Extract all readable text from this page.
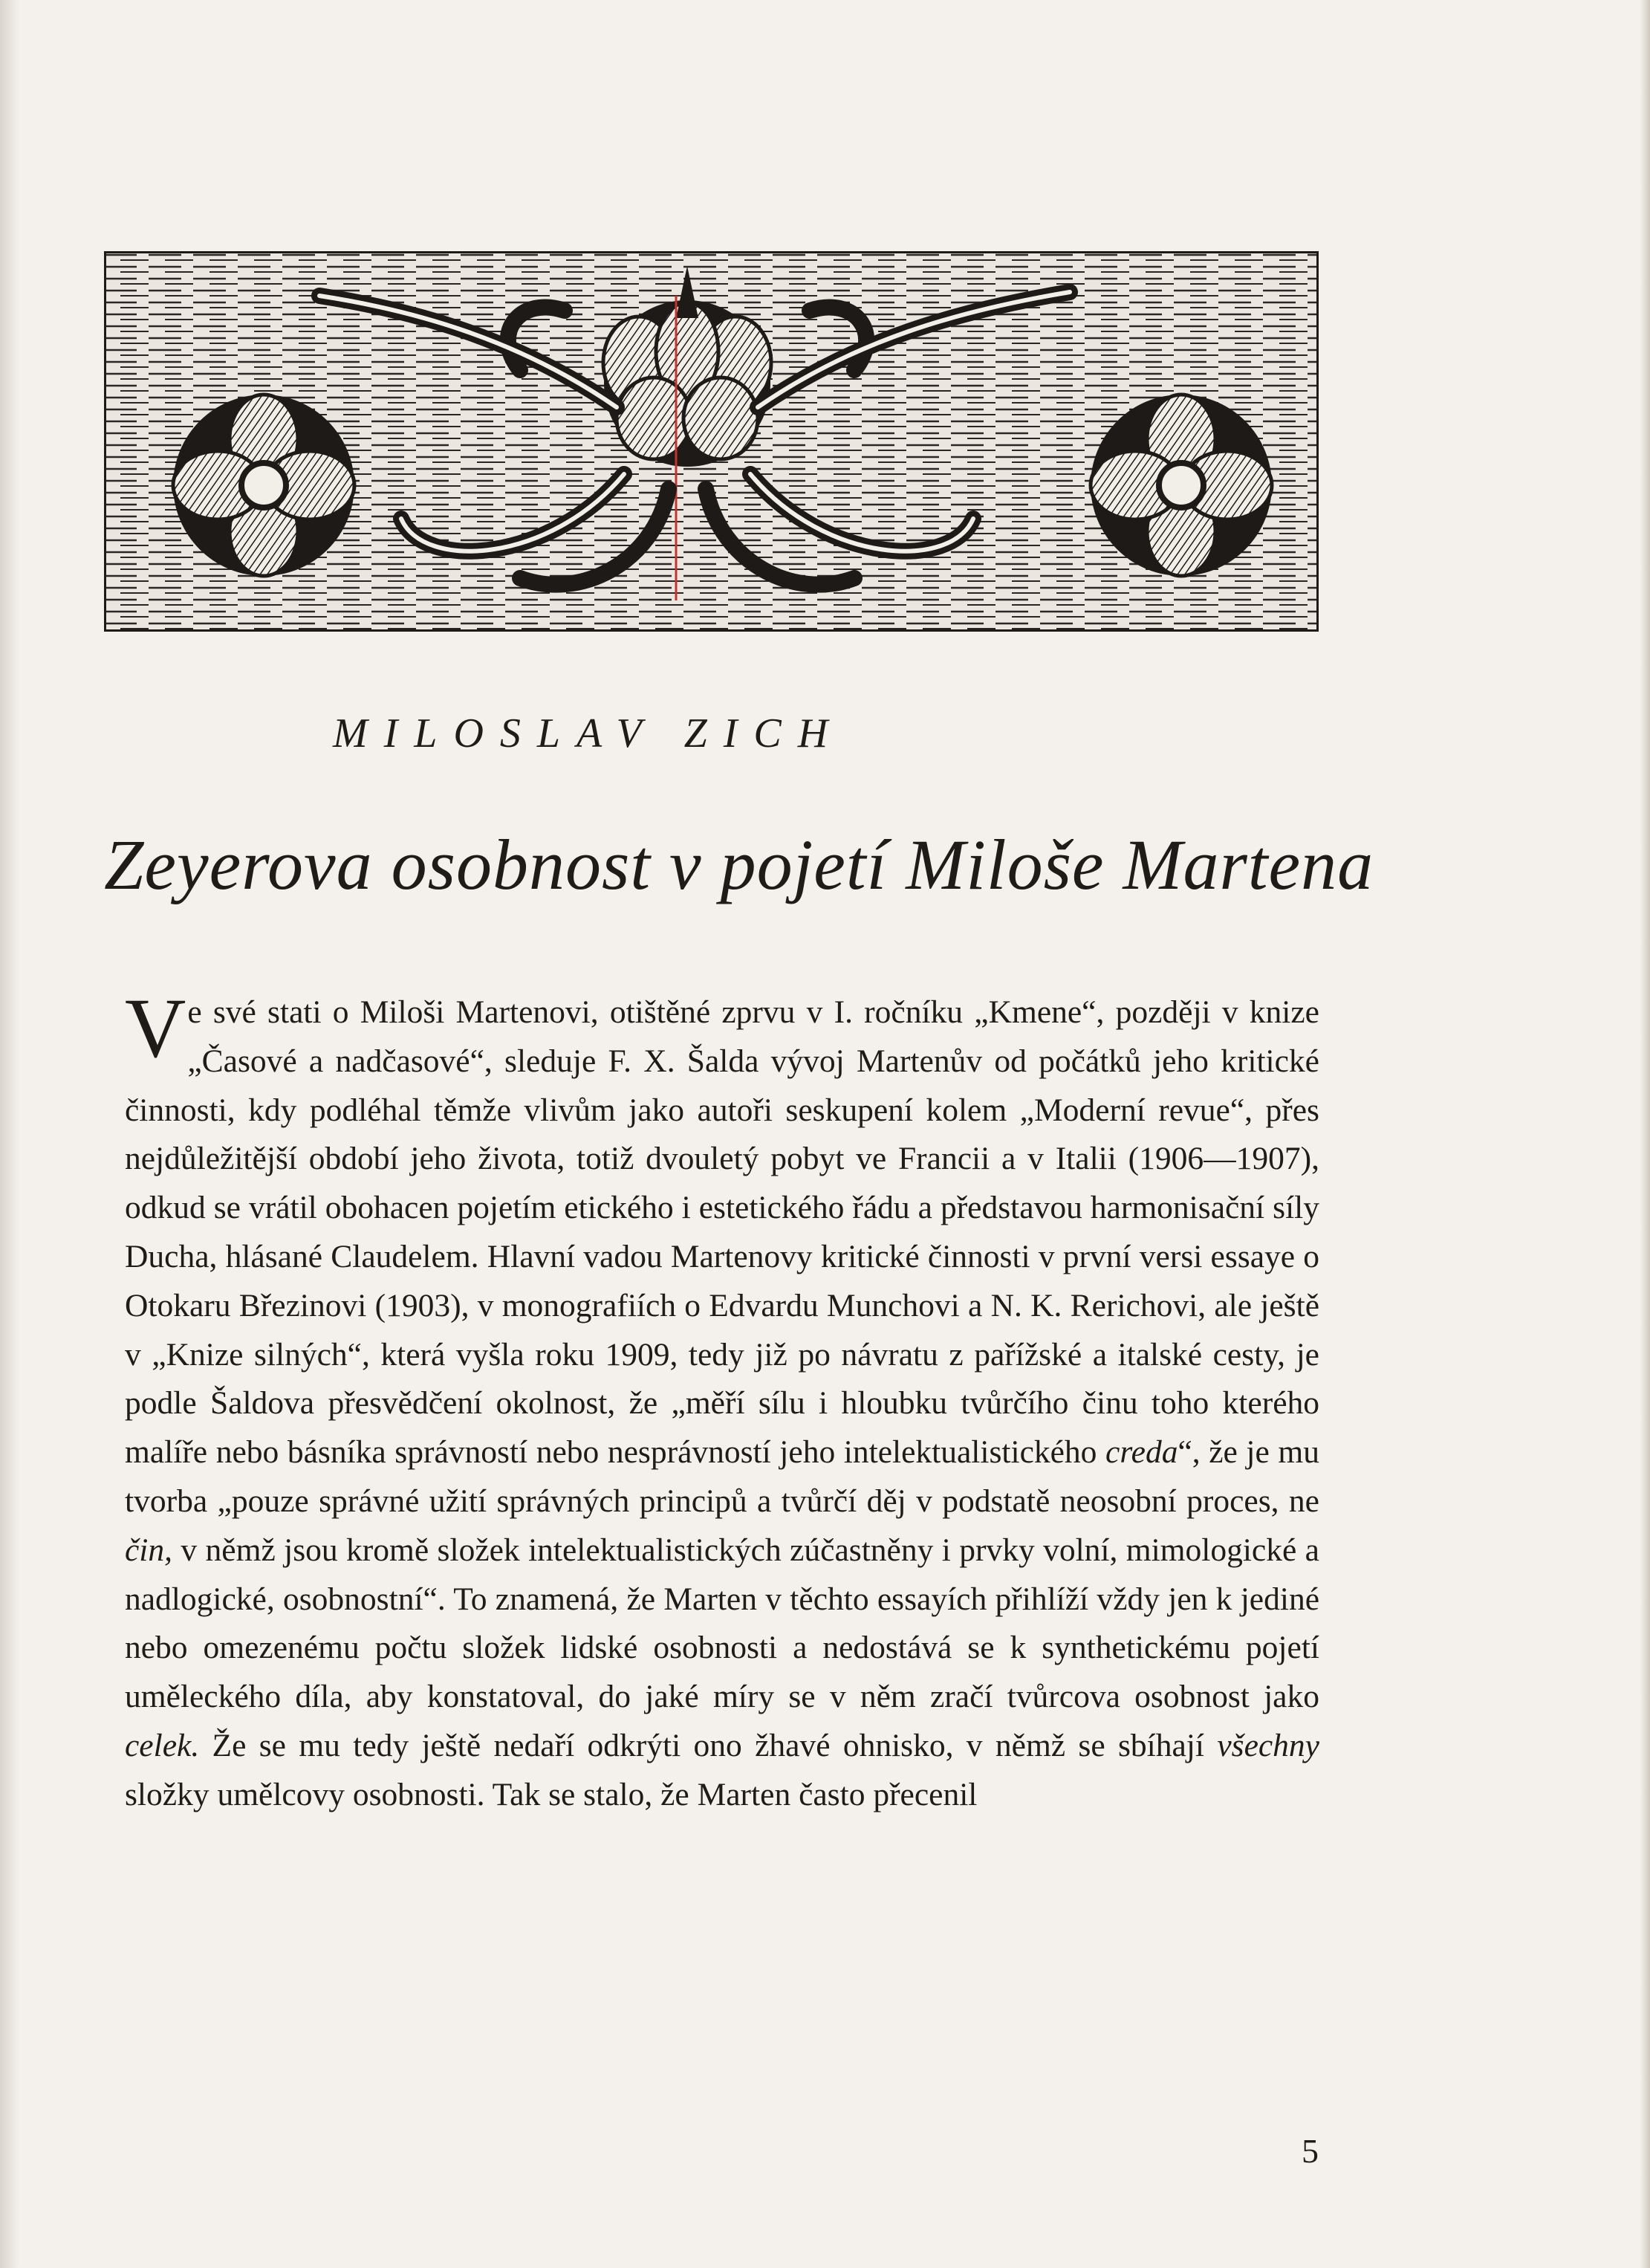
MILOSLAV ZICH

Zeyerova osobnost v pojetí Miloše Martena

Ve své stati o Miloši Martenovi, otištěné zprvu v I. ročníku „Kmene“, později v knize „Časové a nadčasové“, sleduje F. X. Šalda vývoj Martenův od počátků jeho kritické činnosti, kdy podléhal těmže vlivům jako autoři seskupení kolem „Moderní revue“, přes nejdůležitější období jeho života, totiž dvouletý pobyt ve Francii a v Italii (1906—1907), odkud se vrátil obohacen pojetím etického i estetického řádu a představou harmonisační síly Ducha, hlásané Claudelem. Hlavní vadou Martenovy kritické činnosti v první versi essaye o Otokaru Březinovi (1903), v monografiích o Edvardu Munchovi a N. K. Rerichovi, ale ještě v „Knize silných“, která vyšla roku 1909, tedy již po návratu z pařížské a italské cesty, je podle Šaldova přesvědčení okolnost, že „měří sílu i hloubku tvůrčího činu toho kterého malíře nebo básníka správností nebo nesprávností jeho intelektualistického creda“, že je mu tvorba „pouze správné užití správných principů a tvůrčí děj v podstatě neosobní proces, ne čin, v němž jsou kromě složek intelektualistických zúčastněny i prvky volní, mimologické a nadlogické, osobnostní“. To znamená, že Marten v těchto essayích přihlíží vždy jen k jediné nebo omezenému počtu složek lidské osobnosti a nedostává se k synthetickému pojetí uměleckého díla, aby konstatoval, do jaké míry se v něm zračí tvůrcova osobnost jako celek. Že se mu tedy ještě nedaří odkrýti ono žhavé ohnisko, v němž se sbíhají všechny složky umělcovy osobnosti. Tak se stalo, že Marten často přecenil

5
